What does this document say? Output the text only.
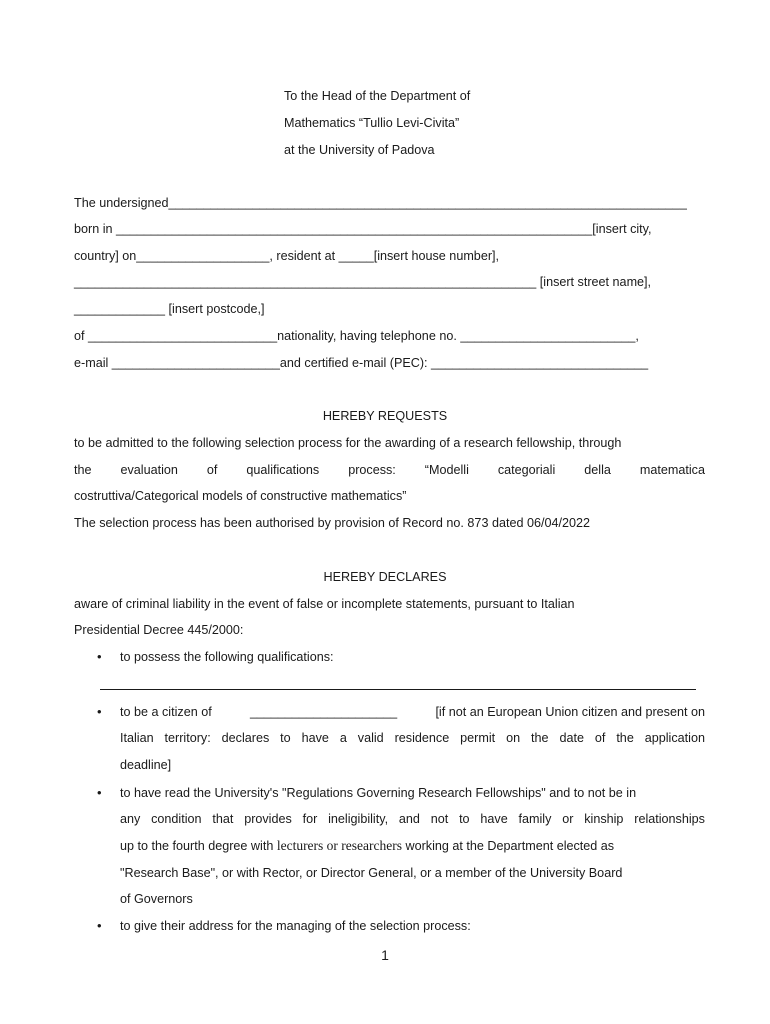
To the Head of the Department of
Mathematics “Tullio Levi-Civita”
at the University of Padova
The undersigned__________________________________________________________________________
born in ____________________________________________________________________[insert city,
country] on___________________, resident at _____[insert house number],
__________________________________________________________________ [insert street name],
_____________ [insert postcode,]
of ___________________________nationality, having telephone no. _________________________,
e-mail ________________________and certified e-mail (PEC): _______________________________
HEREBY REQUESTS
to be admitted to the following selection process for the awarding of a research fellowship, through
the evaluation of qualifications process: “Modelli categoriali della matematica
costruttiva/Categorical models of constructive mathematics”
The selection process has been authorised by provision of Record no. 873 dated 06/04/2022
HEREBY DECLARES
aware of criminal liability in the event of false or incomplete statements, pursuant to Italian
Presidential Decree 445/2000:
• to possess the following qualifications:
• to be a citizen of	_____________________	[if not an European Union citizen and present on
Italian territory: declares to have a valid residence permit on the date of the application
deadline]
• to have read the University's "Regulations Governing Research Fellowships" and to not be in
any condition that provides for ineligibility, and not to have family or kinship relationships
up to the fourth degree with lecturers or researchers working at the Department elected as
"Research Base", or with Rector, or Director General, or a member of the University Board
of Governors
• to give their address for the managing of the selection process:
1
